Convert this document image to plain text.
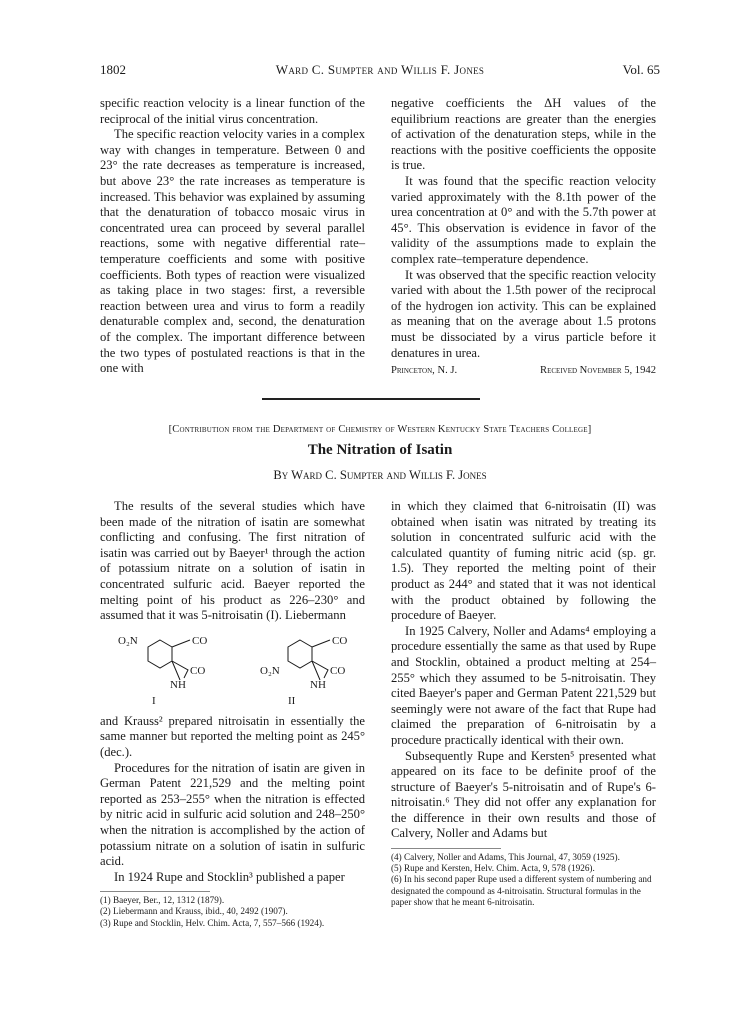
1802	Ward C. Sumpter and Willis F. Jones	Vol. 65

specific reaction velocity is a linear function of the reciprocal of the initial virus concentration.

The specific reaction velocity varies in a complex way with changes in temperature. Between 0 and 23° the rate decreases as temperature is increased, but above 23° the rate increases as temperature is increased. This behavior was explained by assuming that the denaturation of tobacco mosaic virus in concentrated urea can proceed by several parallel reactions, some with negative differential rate–temperature coefficients and some with positive coefficients. Both types of reaction were visualized as taking place in two stages: first, a reversible reaction between urea and virus to form a readily denaturable complex and, second, the denaturation of the complex. The important difference between the two types of postulated reactions is that in the one with

negative coefficients the ΔH values of the equilibrium reactions are greater than the energies of activation of the denaturation steps, while in the reactions with the positive coefficients the opposite is true.

It was found that the specific reaction velocity varied approximately with the 8.1th power of the urea concentration at 0° and with the 5.7th power at 45°. This observation is evidence in favor of the validity of the assumptions made to explain the complex rate–temperature dependence.

It was observed that the specific reaction velocity varied with about the 1.5th power of the reciprocal of the hydrogen ion activity. This can be explained as meaning that on the average about 1.5 protons must be dissociated by a virus particle before it denatures in urea.

Princeton, N. J.	Received November 5, 1942
[Contribution from the Department of Chemistry of Western Kentucky State Teachers College]
The Nitration of Isatin
By Ward C. Sumpter and Willis F. Jones

The results of the several studies which have been made of the nitration of isatin are somewhat conflicting and confusing. The first nitration of isatin was carried out by Baeyer¹ through the action of potassium nitrate on a solution of isatin in concentrated sulfuric acid. Baeyer reported the melting point of his product as 226–230° and assumed that it was 5-nitroisatin (I). Liebermann

O₂N	CO
CO
NH
I
O₂N
CO
CO
NH
II

and Krauss² prepared nitroisatin in essentially the same manner but reported the melting point as 245° (dec.).

Procedures for the nitration of isatin are given in German Patent 221,529 and the melting point reported as 253–255° when the nitration is effected by nitric acid in sulfuric acid solution and 248–250° when the nitration is accomplished by the action of potassium nitrate on a solution of isatin in sulfuric acid.

In 1924 Rupe and Stocklin³ published a paper

(1) Baeyer, Ber., 12, 1312 (1879).
(2) Liebermann and Krauss, ibid., 40, 2492 (1907).
(3) Rupe and Stocklin, Helv. Chim. Acta, 7, 557–566 (1924).

in which they claimed that 6-nitroisatin (II) was obtained when isatin was nitrated by treating its solution in concentrated sulfuric acid with the calculated quantity of fuming nitric acid (sp. gr. 1.5). They reported the melting point of their product as 244° and stated that it was not identical with the product obtained by following the procedure of Baeyer.

In 1925 Calvery, Noller and Adams⁴ employing a procedure essentially the same as that used by Rupe and Stocklin, obtained a product melting at 254–255° which they assumed to be 5-nitroisatin. They cited Baeyer's paper and German Patent 221,529 but seemingly were not aware of the fact that Rupe had claimed the preparation of 6-nitroisatin by a procedure practically identical with their own.

Subsequently Rupe and Kersten⁵ presented what appeared on its face to be definite proof of the structure of Baeyer's 5-nitroisatin and of Rupe's 6-nitroisatin.⁶ They did not offer any explanation for the difference in their own results and those of Calvery, Noller and Adams but

(4) Calvery, Noller and Adams, This Journal, 47, 3059 (1925).
(5) Rupe and Kersten, Helv. Chim. Acta, 9, 578 (1926).
(6) In his second paper Rupe used a different system of numbering and designated the compound as 4-nitroisatin. Structural formulas in the paper show that he meant 6-nitroisatin.
